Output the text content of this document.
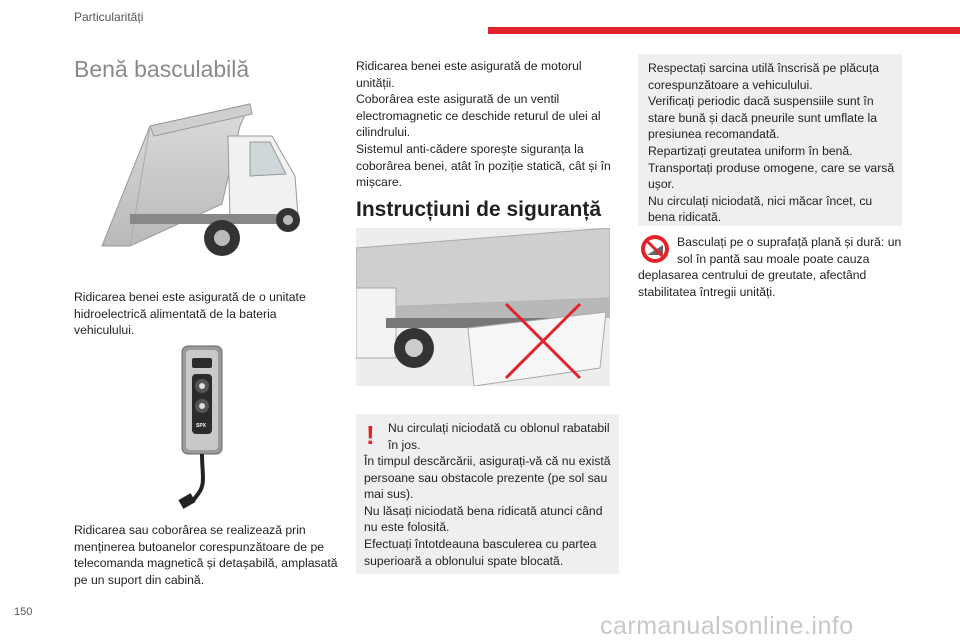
Particularități
Benă basculabilă
Ridicarea benei este asigurată de o unitate
hidroelectrică alimentată de la bateria
vehiculului.
SPX
Ridicarea sau coborârea se realizează prin
menținerea butoanelor corespunzătoare de pe
telecomanda magnetică și detașabilă, amplasată
pe un suport din cabină.
Ridicarea benei este asigurată de motorul
unității.
Coborârea este asigurată de un ventil
electromagnetic ce deschide returul de ulei al
cilindrului.
Sistemul anti-cădere sporește siguranța la
coborârea benei, atât în poziție statică, cât și în
mișcare.
Instrucțiuni de siguranță
!	Nu circulați niciodată cu oblonul rabatabil
în jos.
În timpul descărcării, asigurați-vă că nu există
persoane sau obstacole prezente (pe sol sau
mai sus).
Nu lăsați niciodată bena ridicată atunci când
nu este folosită.
Efectuați întotdeauna basculerea cu partea
superioară a oblonului spate blocată.
Respectați sarcina utilă înscrisă pe plăcuța
corespunzătoare a vehiculului.
Verificați periodic dacă suspensiile sunt în
stare bună și dacă pneurile sunt umflate la
presiunea recomandată.
Repartizați greutatea uniform în benă.
Transportați produse omogene, care se varsă
ușor.
Nu circulați niciodată, nici măcar încet, cu
bena ridicată.
Basculați pe o suprafață plană și dură: un
sol în pantă sau moale poate cauza
deplasarea centrului de greutate, afectând
stabilitatea întregii unități.
150	carmanualsonline.info
